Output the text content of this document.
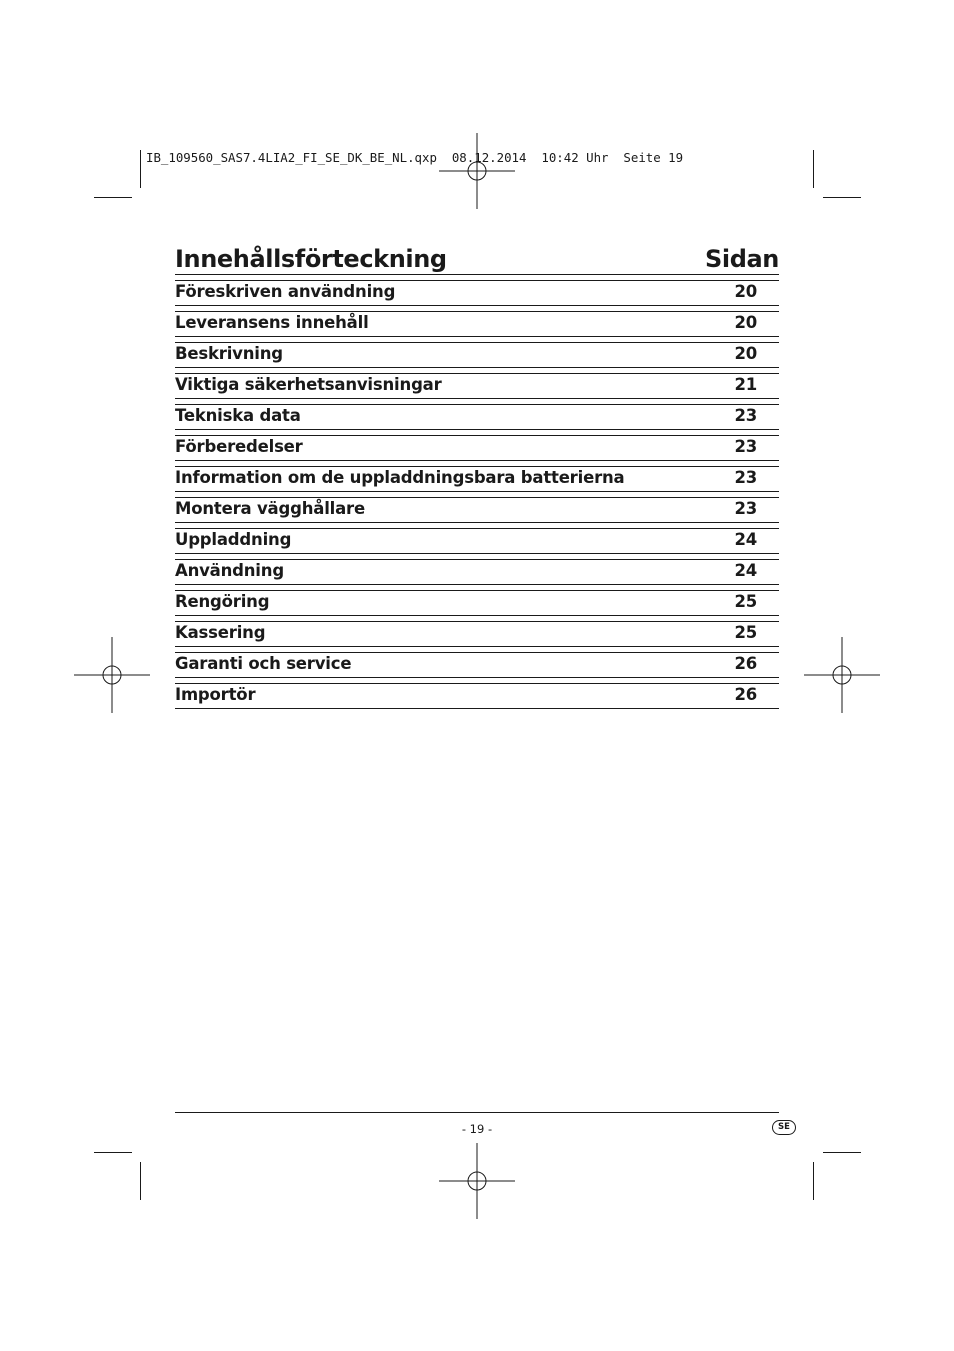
IB_109560_SAS7.4LIA2_FI_SE_DK_BE_NL.qxp  08.12.2014  10:42 Uhr  Seite 19
Innehållsförteckning	Sidan
Föreskriven användning	20
Leveransens innehåll	20
Beskrivning	20
Viktiga säkerhetsanvisningar	21
Tekniska data	23
Förberedelser	23
Information om de uppladdningsbara batterierna	23
Montera vägghållare	23
Uppladdning	24
Användning	24
Rengöring	25
Kassering	25
Garanti och service	26
Importör	26
- 19 -	SE
